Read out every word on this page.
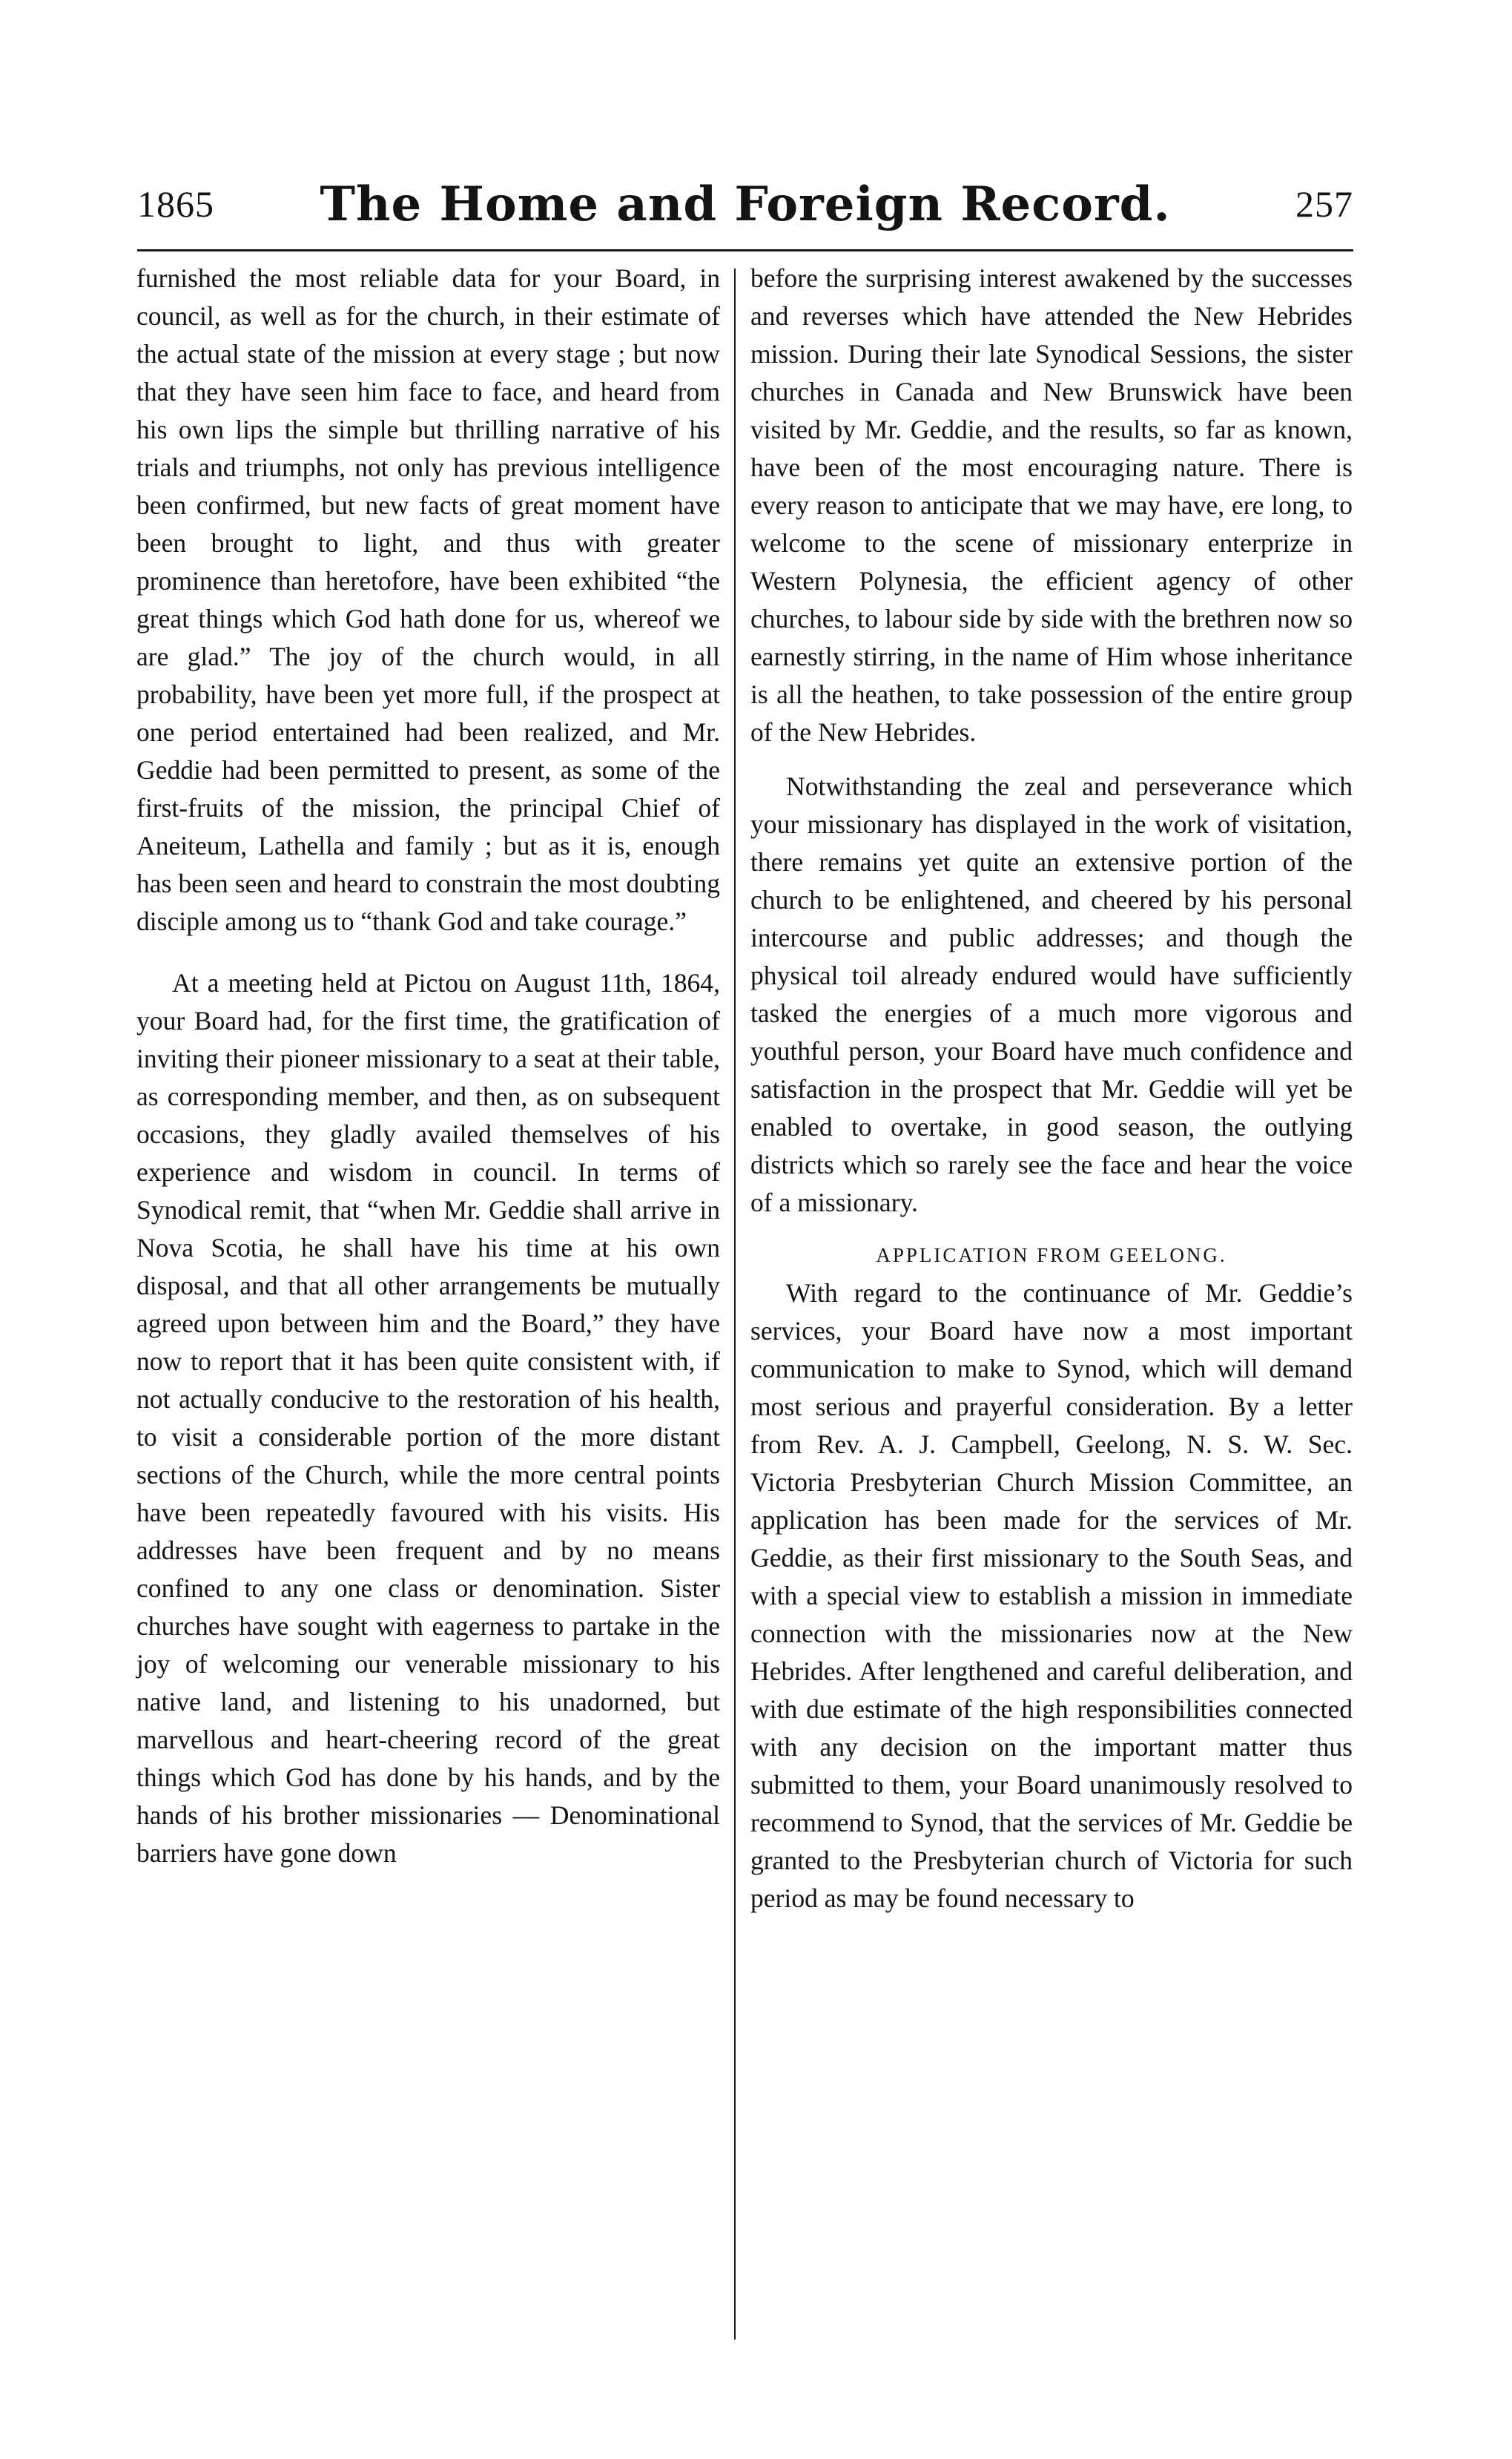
1865	The Home and Foreign Record.	257

furnished the most reliable data for your Board, in council, as well as for the church, in their estimate of the actual state of the mission at every stage ; but now that they have seen him face to face, and heard from his own lips the simple but thrilling narrative of his trials and triumphs, not only has previous intelligence been confirmed, but new facts of great moment have been brought to light, and thus with greater prominence than heretofore, have been exhibited “the great things which God hath done for us, whereof we are glad.” The joy of the church would, in all probability, have been yet more full, if the prospect at one period entertained had been realized, and Mr. Geddie had been permitted to present, as some of the first-fruits of the mission, the principal Chief of Aneiteum, Lathella and family ; but as it is, enough has been seen and heard to constrain the most doubting disciple among us to “thank God and take courage.”

At a meeting held at Pictou on August 11th, 1864, your Board had, for the first time, the gratification of inviting their pioneer missionary to a seat at their table, as corresponding member, and then, as on subsequent occasions, they gladly availed themselves of his experience and wisdom in council. In terms of Synodical remit, that “when Mr. Geddie shall arrive in Nova Scotia, he shall have his time at his own disposal, and that all other arrangements be mutually agreed upon between him and the Board,” they have now to report that it has been quite consistent with, if not actually conducive to the restoration of his health, to visit a considerable portion of the more distant sections of the Church, while the more central points have been repeatedly favoured with his visits. His addresses have been frequent and by no means confined to any one class or denomination. Sister churches have sought with eagerness to partake in the joy of welcoming our venerable missionary to his native land, and listening to his unadorned, but marvellous and heart-cheering record of the great things which God has done by his hands, and by the hands of his brother missionaries — Denominational barriers have gone down

before the surprising interest awakened by the successes and reverses which have attended the New Hebrides mission. During their late Synodical Sessions, the sister churches in Canada and New Brunswick have been visited by Mr. Geddie, and the results, so far as known, have been of the most encouraging nature. There is every reason to anticipate that we may have, ere long, to welcome to the scene of missionary enterprize in Western Polynesia, the efficient agency of other churches, to labour side by side with the brethren now so earnestly stirring, in the name of Him whose inheritance is all the heathen, to take possession of the entire group of the New Hebrides.

Notwithstanding the zeal and perseverance which your missionary has displayed in the work of visitation, there remains yet quite an extensive portion of the church to be enlightened, and cheered by his personal intercourse and public addresses; and though the physical toil already endured would have sufficiently tasked the energies of a much more vigorous and youthful person, your Board have much confidence and satisfaction in the prospect that Mr. Geddie will yet be enabled to overtake, in good season, the outlying districts which so rarely see the face and hear the voice of a missionary.

APPLICATION FROM GEELONG.

With regard to the continuance of Mr. Geddie’s services, your Board have now a most important communication to make to Synod, which will demand most serious and prayerful consideration. By a letter from Rev. A. J. Campbell, Geelong, N. S. W. Sec. Victoria Presbyterian Church Mission Committee, an application has been made for the services of Mr. Geddie, as their first missionary to the South Seas, and with a special view to establish a mission in immediate connection with the missionaries now at the New Hebrides. After lengthened and careful deliberation, and with due estimate of the high responsibilities connected with any decision on the important matter thus submitted to them, your Board unanimously resolved to recommend to Synod, that the services of Mr. Geddie be granted to the Presbyterian church of Victoria for such period as may be found necessary to
